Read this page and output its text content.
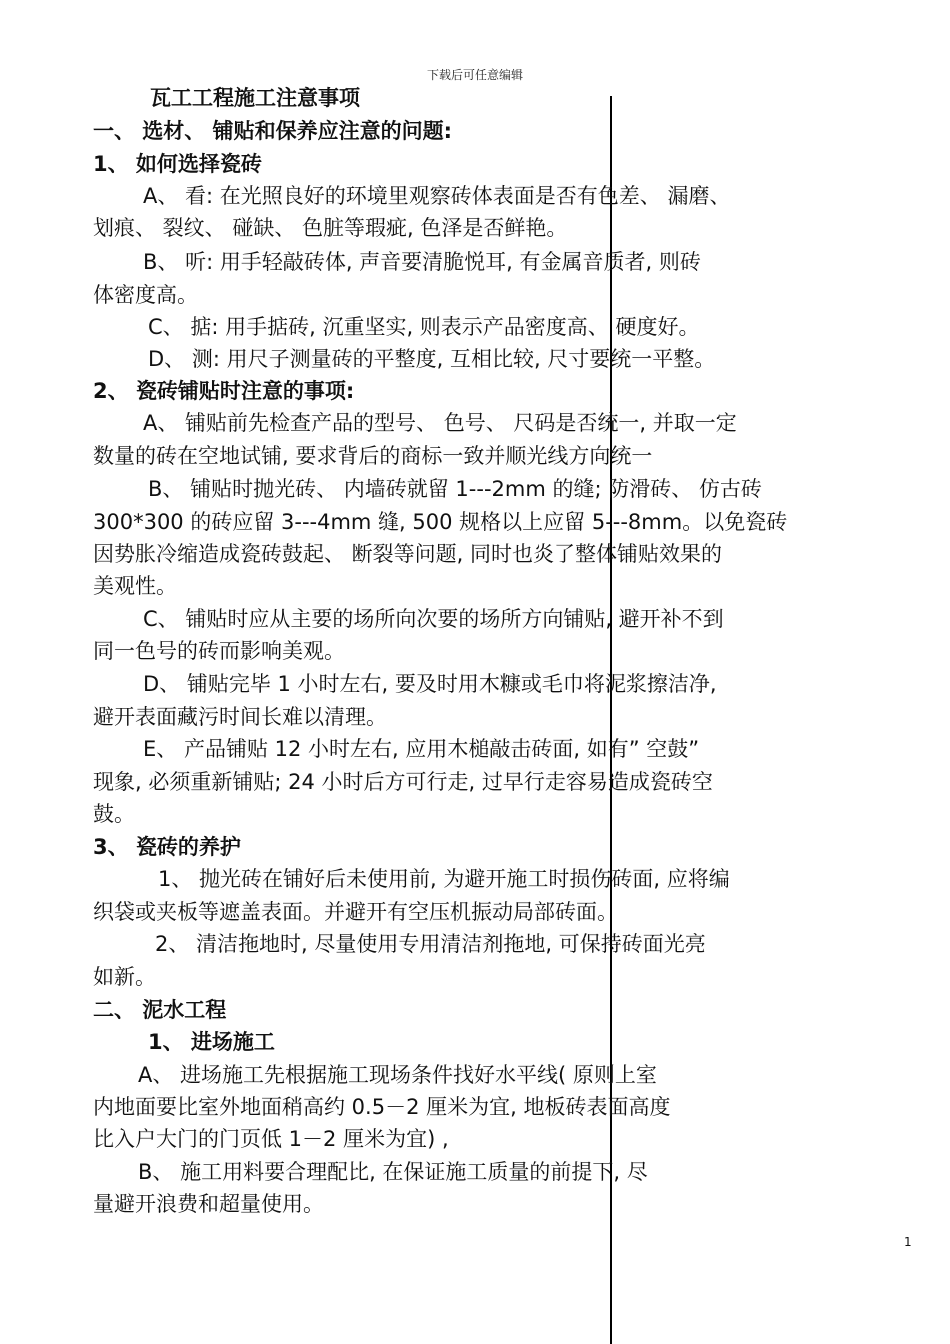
下载后可任意编辑
瓦工工程施工注意事项
一、 选材、 铺贴和保养应注意的问题:
1、 如何选择瓷砖
A、 看: 在光照良好的环境里观察砖体表面是否有色差、 漏磨、
划痕、 裂纹、 碰缺、 色脏等瑕疵, 色泽是否鲜艳。
B、 听: 用手轻敲砖体, 声音要清脆悦耳, 有金属音质者, 则砖
体密度高。
C、 掂: 用手掂砖, 沉重坚实, 则表示产品密度高、 硬度好。
D、 测: 用尺子测量砖的平整度, 互相比较, 尺寸要统一平整。
2、 瓷砖铺贴时注意的事项:
A、 铺贴前先检查产品的型号、 色号、 尺码是否统一, 并取一定
数量的砖在空地试铺, 要求背后的商标一致并顺光线方向统一
B、 铺贴时抛光砖、 内墙砖就留 1---2mm 的缝; 防滑砖、 仿古砖
300*300 的砖应留 3---4mm 缝, 500 规格以上应留 5---8mm。以免瓷砖
因势胀冷缩造成瓷砖鼓起、 断裂等问题, 同时也炎了整体铺贴效果的
美观性。
C、 铺贴时应从主要的场所向次要的场所方向铺贴, 避开补不到
同一色号的砖而影响美观。
D、 铺贴完毕 1 小时左右, 要及时用木糠或毛巾将泥浆擦洁净,
避开表面藏污时间长难以清理。
E、 产品铺贴 12 小时左右, 应用木槌敲击砖面, 如有” 空鼓”
现象, 必须重新铺贴; 24 小时后方可行走, 过早行走容易造成瓷砖空
鼓。
3、 瓷砖的养护
1、 抛光砖在铺好后未使用前, 为避开施工时损伤砖面, 应将编
织袋或夹板等遮盖表面。并避开有空压机振动局部砖面。
2、 清洁拖地时, 尽量使用专用清洁剂拖地, 可保持砖面光亮
如新。
二、 泥水工程
1、 进场施工
A、 进场施工先根据施工现场条件找好水平线( 原则上室
内地面要比室外地面稍高约 0.5－2 厘米为宜, 地板砖表面高度
比入户大门的门页低 1－2 厘米为宜) ,
B、 施工用料要合理配比, 在保证施工质量的前提下, 尽
量避开浪费和超量使用。
1
